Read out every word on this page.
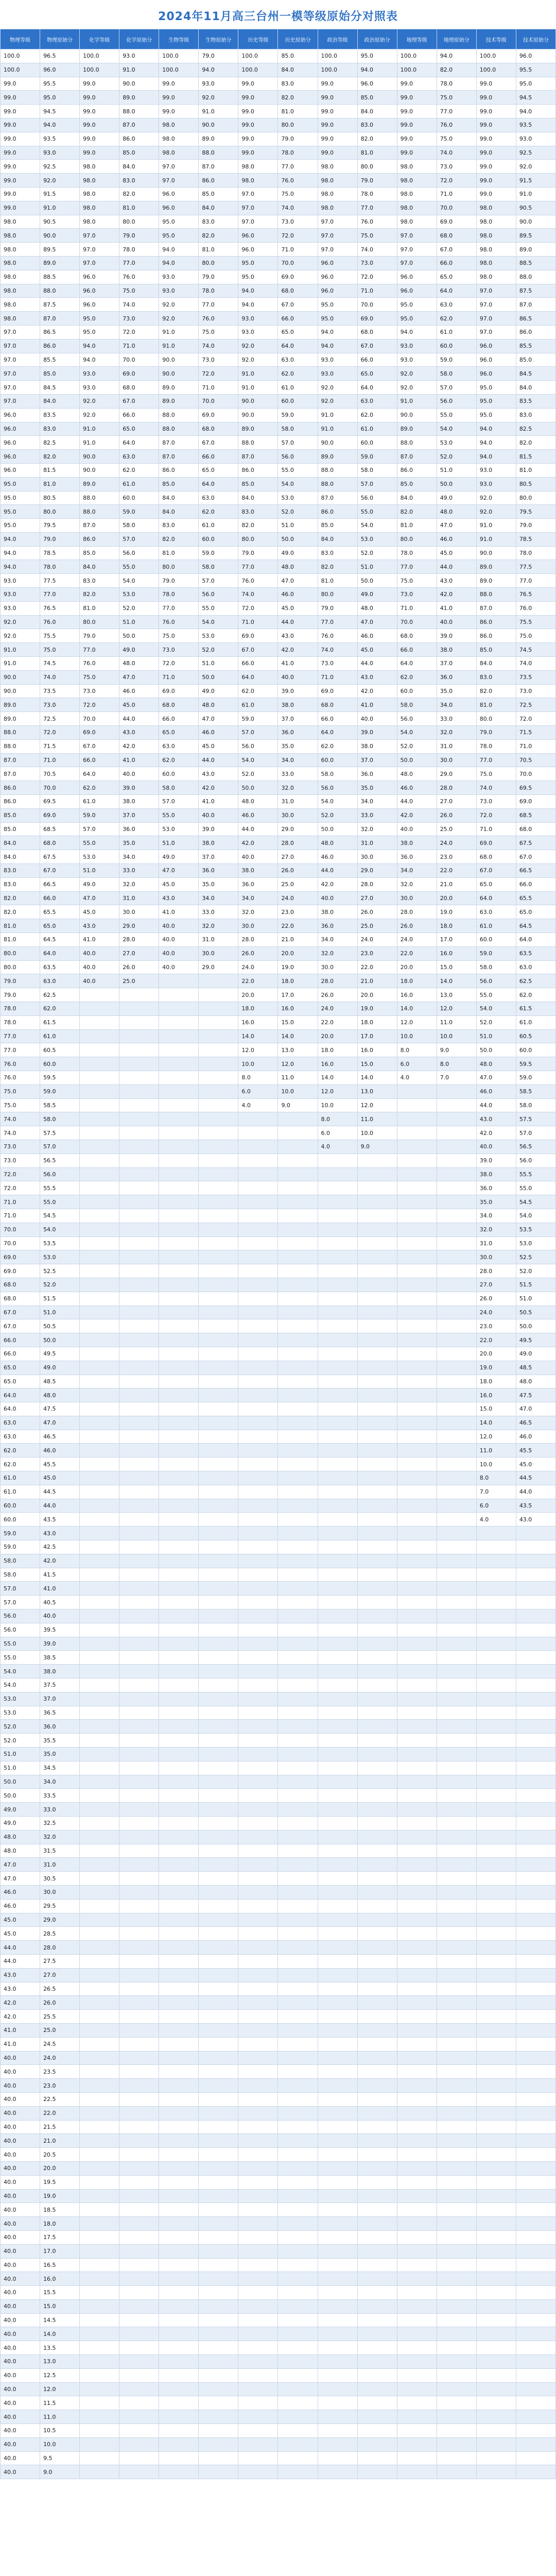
2024年11月高三台州一模等级原始分对照表
物理等级	物理原始分	化学等级	化学原始分	生物等级	生物原始分	历史等级	历史原始分	政治等级	政治原始分	地理等级	地理原始分	技术等级	技术原始分
100.0	96.5	100.0	93.0	100.0	79.0	100.0	85.0	100.0	95.0	100.0	94.0	100.0	96.0
100.0	96.0	100.0	91.0	100.0	94.0	100.0	84.0	100.0	94.0	100.0	82.0	100.0	95.5
99.0	95.5	99.0	90.0	99.0	93.0	99.0	83.0	99.0	96.0	99.0	78.0	99.0	95.0
99.0	95.0	99.0	89.0	99.0	92.0	99.0	82.0	99.0	85.0	99.0	75.0	99.0	94.5
99.0	94.5	99.0	88.0	99.0	91.0	99.0	81.0	99.0	84.0	99.0	77.0	99.0	94.0
99.0	94.0	99.0	87.0	98.0	90.0	99.0	80.0	99.0	83.0	99.0	76.0	99.0	93.5
99.0	93.5	99.0	86.0	98.0	89.0	99.0	79.0	99.0	82.0	99.0	75.0	99.0	93.0
99.0	93.0	99.0	85.0	98.0	88.0	99.0	78.0	99.0	81.0	99.0	74.0	99.0	92.5
99.0	92.5	98.0	84.0	97.0	87.0	98.0	77.0	98.0	80.0	98.0	73.0	99.0	92.0
99.0	92.0	98.0	83.0	97.0	86.0	98.0	76.0	98.0	79.0	98.0	72.0	99.0	91.5
99.0	91.5	98.0	82.0	96.0	85.0	97.0	75.0	98.0	78.0	98.0	71.0	99.0	91.0
99.0	91.0	98.0	81.0	96.0	84.0	97.0	74.0	98.0	77.0	98.0	70.0	98.0	90.5
98.0	90.5	98.0	80.0	95.0	83.0	97.0	73.0	97.0	76.0	98.0	69.0	98.0	90.0
98.0	90.0	97.0	79.0	95.0	82.0	96.0	72.0	97.0	75.0	97.0	68.0	98.0	89.5
98.0	89.5	97.0	78.0	94.0	81.0	96.0	71.0	97.0	74.0	97.0	67.0	98.0	89.0
98.0	89.0	97.0	77.0	94.0	80.0	95.0	70.0	96.0	73.0	97.0	66.0	98.0	88.5
98.0	88.5	96.0	76.0	93.0	79.0	95.0	69.0	96.0	72.0	96.0	65.0	98.0	88.0
98.0	88.0	96.0	75.0	93.0	78.0	94.0	68.0	96.0	71.0	96.0	64.0	97.0	87.5
98.0	87.5	96.0	74.0	92.0	77.0	94.0	67.0	95.0	70.0	95.0	63.0	97.0	87.0
98.0	87.0	95.0	73.0	92.0	76.0	93.0	66.0	95.0	69.0	95.0	62.0	97.0	86.5
97.0	86.5	95.0	72.0	91.0	75.0	93.0	65.0	94.0	68.0	94.0	61.0	97.0	86.0
97.0	86.0	94.0	71.0	91.0	74.0	92.0	64.0	94.0	67.0	93.0	60.0	96.0	85.5
97.0	85.5	94.0	70.0	90.0	73.0	92.0	63.0	93.0	66.0	93.0	59.0	96.0	85.0
97.0	85.0	93.0	69.0	90.0	72.0	91.0	62.0	93.0	65.0	92.0	58.0	96.0	84.5
97.0	84.5	93.0	68.0	89.0	71.0	91.0	61.0	92.0	64.0	92.0	57.0	95.0	84.0
97.0	84.0	92.0	67.0	89.0	70.0	90.0	60.0	92.0	63.0	91.0	56.0	95.0	83.5
96.0	83.5	92.0	66.0	88.0	69.0	90.0	59.0	91.0	62.0	90.0	55.0	95.0	83.0
96.0	83.0	91.0	65.0	88.0	68.0	89.0	58.0	91.0	61.0	89.0	54.0	94.0	82.5
96.0	82.5	91.0	64.0	87.0	67.0	88.0	57.0	90.0	60.0	88.0	53.0	94.0	82.0
96.0	82.0	90.0	63.0	87.0	66.0	87.0	56.0	89.0	59.0	87.0	52.0	94.0	81.5
96.0	81.5	90.0	62.0	86.0	65.0	86.0	55.0	88.0	58.0	86.0	51.0	93.0	81.0
95.0	81.0	89.0	61.0	85.0	64.0	85.0	54.0	88.0	57.0	85.0	50.0	93.0	80.5
95.0	80.5	88.0	60.0	84.0	63.0	84.0	53.0	87.0	56.0	84.0	49.0	92.0	80.0
95.0	80.0	88.0	59.0	84.0	62.0	83.0	52.0	86.0	55.0	82.0	48.0	92.0	79.5
95.0	79.5	87.0	58.0	83.0	61.0	82.0	51.0	85.0	54.0	81.0	47.0	91.0	79.0
94.0	79.0	86.0	57.0	82.0	60.0	80.0	50.0	84.0	53.0	80.0	46.0	91.0	78.5
94.0	78.5	85.0	56.0	81.0	59.0	79.0	49.0	83.0	52.0	78.0	45.0	90.0	78.0
94.0	78.0	84.0	55.0	80.0	58.0	77.0	48.0	82.0	51.0	77.0	44.0	89.0	77.5
93.0	77.5	83.0	54.0	79.0	57.0	76.0	47.0	81.0	50.0	75.0	43.0	89.0	77.0
93.0	77.0	82.0	53.0	78.0	56.0	74.0	46.0	80.0	49.0	73.0	42.0	88.0	76.5
93.0	76.5	81.0	52.0	77.0	55.0	72.0	45.0	79.0	48.0	71.0	41.0	87.0	76.0
92.0	76.0	80.0	51.0	76.0	54.0	71.0	44.0	77.0	47.0	70.0	40.0	86.0	75.5
92.0	75.5	79.0	50.0	75.0	53.0	69.0	43.0	76.0	46.0	68.0	39.0	86.0	75.0
91.0	75.0	77.0	49.0	73.0	52.0	67.0	42.0	74.0	45.0	66.0	38.0	85.0	74.5
91.0	74.5	76.0	48.0	72.0	51.0	66.0	41.0	73.0	44.0	64.0	37.0	84.0	74.0
90.0	74.0	75.0	47.0	71.0	50.0	64.0	40.0	71.0	43.0	62.0	36.0	83.0	73.5
90.0	73.5	73.0	46.0	69.0	49.0	62.0	39.0	69.0	42.0	60.0	35.0	82.0	73.0
89.0	73.0	72.0	45.0	68.0	48.0	61.0	38.0	68.0	41.0	58.0	34.0	81.0	72.5
89.0	72.5	70.0	44.0	66.0	47.0	59.0	37.0	66.0	40.0	56.0	33.0	80.0	72.0
88.0	72.0	69.0	43.0	65.0	46.0	57.0	36.0	64.0	39.0	54.0	32.0	79.0	71.5
88.0	71.5	67.0	42.0	63.0	45.0	56.0	35.0	62.0	38.0	52.0	31.0	78.0	71.0
87.0	71.0	66.0	41.0	62.0	44.0	54.0	34.0	60.0	37.0	50.0	30.0	77.0	70.5
87.0	70.5	64.0	40.0	60.0	43.0	52.0	33.0	58.0	36.0	48.0	29.0	75.0	70.0
86.0	70.0	62.0	39.0	58.0	42.0	50.0	32.0	56.0	35.0	46.0	28.0	74.0	69.5
86.0	69.5	61.0	38.0	57.0	41.0	48.0	31.0	54.0	34.0	44.0	27.0	73.0	69.0
85.0	69.0	59.0	37.0	55.0	40.0	46.0	30.0	52.0	33.0	42.0	26.0	72.0	68.5
85.0	68.5	57.0	36.0	53.0	39.0	44.0	29.0	50.0	32.0	40.0	25.0	71.0	68.0
84.0	68.0	55.0	35.0	51.0	38.0	42.0	28.0	48.0	31.0	38.0	24.0	69.0	67.5
84.0	67.5	53.0	34.0	49.0	37.0	40.0	27.0	46.0	30.0	36.0	23.0	68.0	67.0
83.0	67.0	51.0	33.0	47.0	36.0	38.0	26.0	44.0	29.0	34.0	22.0	67.0	66.5
83.0	66.5	49.0	32.0	45.0	35.0	36.0	25.0	42.0	28.0	32.0	21.0	65.0	66.0
82.0	66.0	47.0	31.0	43.0	34.0	34.0	24.0	40.0	27.0	30.0	20.0	64.0	65.5
82.0	65.5	45.0	30.0	41.0	33.0	32.0	23.0	38.0	26.0	28.0	19.0	63.0	65.0
81.0	65.0	43.0	29.0	40.0	32.0	30.0	22.0	36.0	25.0	26.0	18.0	61.0	64.5
81.0	64.5	41.0	28.0	40.0	31.0	28.0	21.0	34.0	24.0	24.0	17.0	60.0	64.0
80.0	64.0	40.0	27.0	40.0	30.0	26.0	20.0	32.0	23.0	22.0	16.0	59.0	63.5
80.0	63.5	40.0	26.0	40.0	29.0	24.0	19.0	30.0	22.0	20.0	15.0	58.0	63.0
79.0	63.0	40.0	25.0			22.0	18.0	28.0	21.0	18.0	14.0	56.0	62.5
79.0	62.5					20.0	17.0	26.0	20.0	16.0	13.0	55.0	62.0
78.0	62.0					18.0	16.0	24.0	19.0	14.0	12.0	54.0	61.5
78.0	61.5					16.0	15.0	22.0	18.0	12.0	11.0	52.0	61.0
77.0	61.0					14.0	14.0	20.0	17.0	10.0	10.0	51.0	60.5
77.0	60.5					12.0	13.0	18.0	16.0	8.0	9.0	50.0	60.0
76.0	60.0					10.0	12.0	16.0	15.0	6.0	8.0	48.0	59.5
76.0	59.5					8.0	11.0	14.0	14.0	4.0	7.0	47.0	59.0
75.0	59.0					6.0	10.0	12.0	13.0			46.0	58.5
75.0	58.5					4.0	9.0	10.0	12.0			44.0	58.0
74.0	58.0							8.0	11.0			43.0	57.5
74.0	57.5							6.0	10.0			42.0	57.0
73.0	57.0							4.0	9.0			40.0	56.5
73.0	56.5											39.0	56.0
72.0	56.0											38.0	55.5
72.0	55.5											36.0	55.0
71.0	55.0											35.0	54.5
71.0	54.5											34.0	54.0
70.0	54.0											32.0	53.5
70.0	53.5											31.0	53.0
69.0	53.0											30.0	52.5
69.0	52.5											28.0	52.0
68.0	52.0											27.0	51.5
68.0	51.5											26.0	51.0
67.0	51.0											24.0	50.5
67.0	50.5											23.0	50.0
66.0	50.0											22.0	49.5
66.0	49.5											20.0	49.0
65.0	49.0											19.0	48.5
65.0	48.5											18.0	48.0
64.0	48.0											16.0	47.5
64.0	47.5											15.0	47.0
63.0	47.0											14.0	46.5
63.0	46.5											12.0	46.0
62.0	46.0											11.0	45.5
62.0	45.5											10.0	45.0
61.0	45.0											8.0	44.5
61.0	44.5											7.0	44.0
60.0	44.0											6.0	43.5
60.0	43.5											4.0	43.0
59.0	43.0												
59.0	42.5												
58.0	42.0												
58.0	41.5												
57.0	41.0												
57.0	40.5												
56.0	40.0												
56.0	39.5												
55.0	39.0												
55.0	38.5												
54.0	38.0												
54.0	37.5												
53.0	37.0												
53.0	36.5												
52.0	36.0												
52.0	35.5												
51.0	35.0												
51.0	34.5												
50.0	34.0												
50.0	33.5												
49.0	33.0												
49.0	32.5												
48.0	32.0												
48.0	31.5												
47.0	31.0												
47.0	30.5												
46.0	30.0												
46.0	29.5												
45.0	29.0												
45.0	28.5												
44.0	28.0												
44.0	27.5												
43.0	27.0												
43.0	26.5												
42.0	26.0												
42.0	25.5												
41.0	25.0												
41.0	24.5												
40.0	24.0												
40.0	23.5												
40.0	23.0												
40.0	22.5												
40.0	22.0												
40.0	21.5												
40.0	21.0												
40.0	20.5												
40.0	20.0												
40.0	19.5												
40.0	19.0												
40.0	18.5												
40.0	18.0												
40.0	17.5												
40.0	17.0												
40.0	16.5												
40.0	16.0												
40.0	15.5												
40.0	15.0												
40.0	14.5												
40.0	14.0												
40.0	13.5												
40.0	13.0												
40.0	12.5												
40.0	12.0												
40.0	11.5												
40.0	11.0												
40.0	10.5												
40.0	10.0												
40.0	9.5												
40.0	9.0												
